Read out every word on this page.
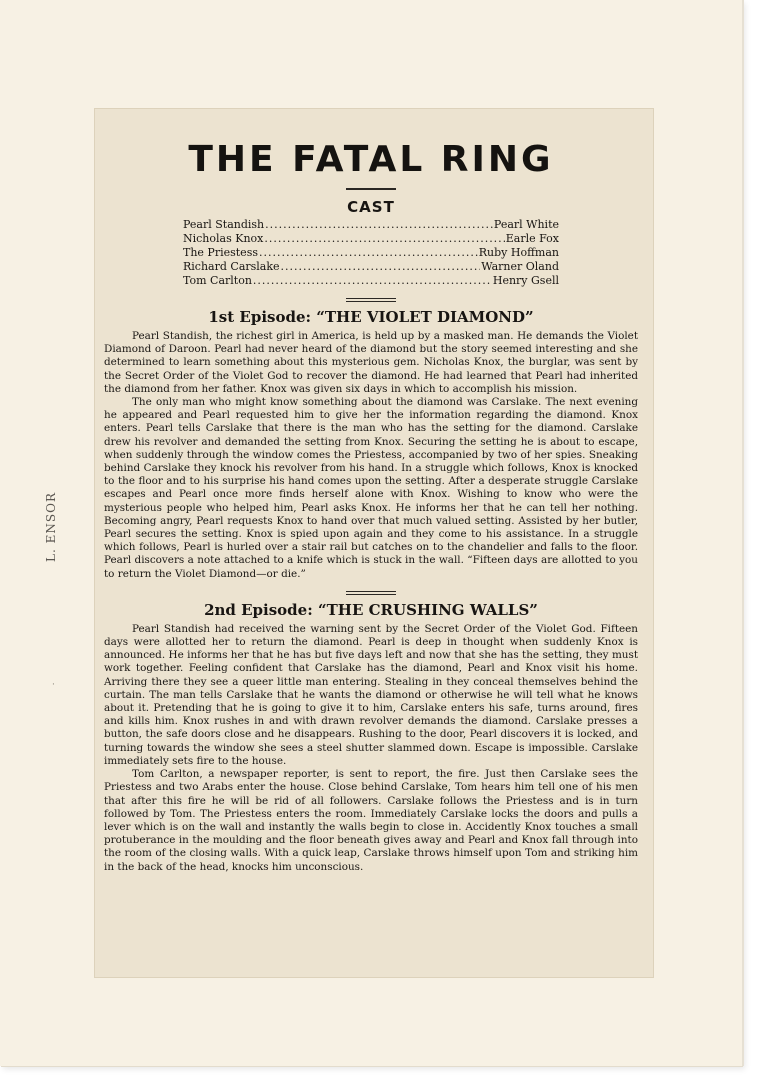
L. ENSOR
·
THE FATAL RING
CAST
Pearl Standish .....	Pearl White
Nicholas Knox .....	Earle Fox
The Priestess .....	Ruby Hoffman
Richard Carslake .....	Warner Oland
Tom Carlton .....	Henry Gsell
1st Episode: “THE VIOLET DIAMOND”

Pearl Standish, the richest girl in America, is held up by a masked man. He demands the Violet Diamond of Daroon. Pearl had never heard of the diamond but the story seemed interesting and she determined to learn something about this mysterious gem. Nicholas Knox, the burglar, was sent by the Secret Order of the Violet God to recover the diamond. He had learned that Pearl had inherited the diamond from her father. Knox was given six days in which to accomplish his mission.

The only man who might know something about the diamond was Carslake. The next evening he appeared and Pearl requested him to give her the information regarding the diamond. Knox enters. Pearl tells Carslake that there is the man who has the setting for the diamond. Carslake drew his revolver and demanded the setting from Knox. Securing the setting he is about to escape, when suddenly through the window comes the Priestess, accompanied by two of her spies. Sneaking behind Carslake they knock his revolver from his hand. In a struggle which follows, Knox is knocked to the floor and to his surprise his hand comes upon the setting. After a desperate struggle Carslake escapes and Pearl once more finds herself alone with Knox. Wishing to know who were the mysterious people who helped him, Pearl asks Knox. He informs her that he can tell her nothing. Becoming angry, Pearl requests Knox to hand over that much valued setting. Assisted by her butler, Pearl secures the setting. Knox is spied upon again and they come to his assistance. In a struggle which follows, Pearl is hurled over a stair rail but catches on to the chandelier and falls to the floor. Pearl discovers a note attached to a knife which is stuck in the wall. “Fifteen days are allotted to you to return the Violet Diamond—or die.”

2nd Episode: “THE CRUSHING WALLS”

Pearl Standish had received the warning sent by the Secret Order of the Violet God. Fifteen days were allotted her to return the diamond. Pearl is deep in thought when suddenly Knox is announced. He informs her that he has but five days left and now that she has the setting, they must work together. Feeling confident that Carslake has the diamond, Pearl and Knox visit his home. Arriving there they see a queer little man entering. Stealing in they conceal themselves behind the curtain. The man tells Carslake that he wants the diamond or otherwise he will tell what he knows about it. Pretending that he is going to give it to him, Carslake enters his safe, turns around, fires and kills him. Knox rushes in and with drawn revolver demands the diamond. Carslake presses a button, the safe doors close and he disappears. Rushing to the door, Pearl discovers it is locked, and turning towards the window she sees a steel shutter slammed down. Escape is impossible. Carslake immediately sets fire to the house.

Tom Carlton, a newspaper reporter, is sent to report, the fire. Just then Carslake sees the Priestess and two Arabs enter the house. Close behind Carslake, Tom hears him tell one of his men that after this fire he will be rid of all followers. Carslake follows the Priestess and is in turn followed by Tom. The Priestess enters the room. Immediately Carslake locks the doors and pulls a lever which is on the wall and instantly the walls begin to close in. Accidently Knox touches a small protuberance in the moulding and the floor beneath gives away and Pearl and Knox fall through into the room of the closing walls. With a quick leap, Carslake throws himself upon Tom and striking him in the back of the head, knocks him unconscious.
